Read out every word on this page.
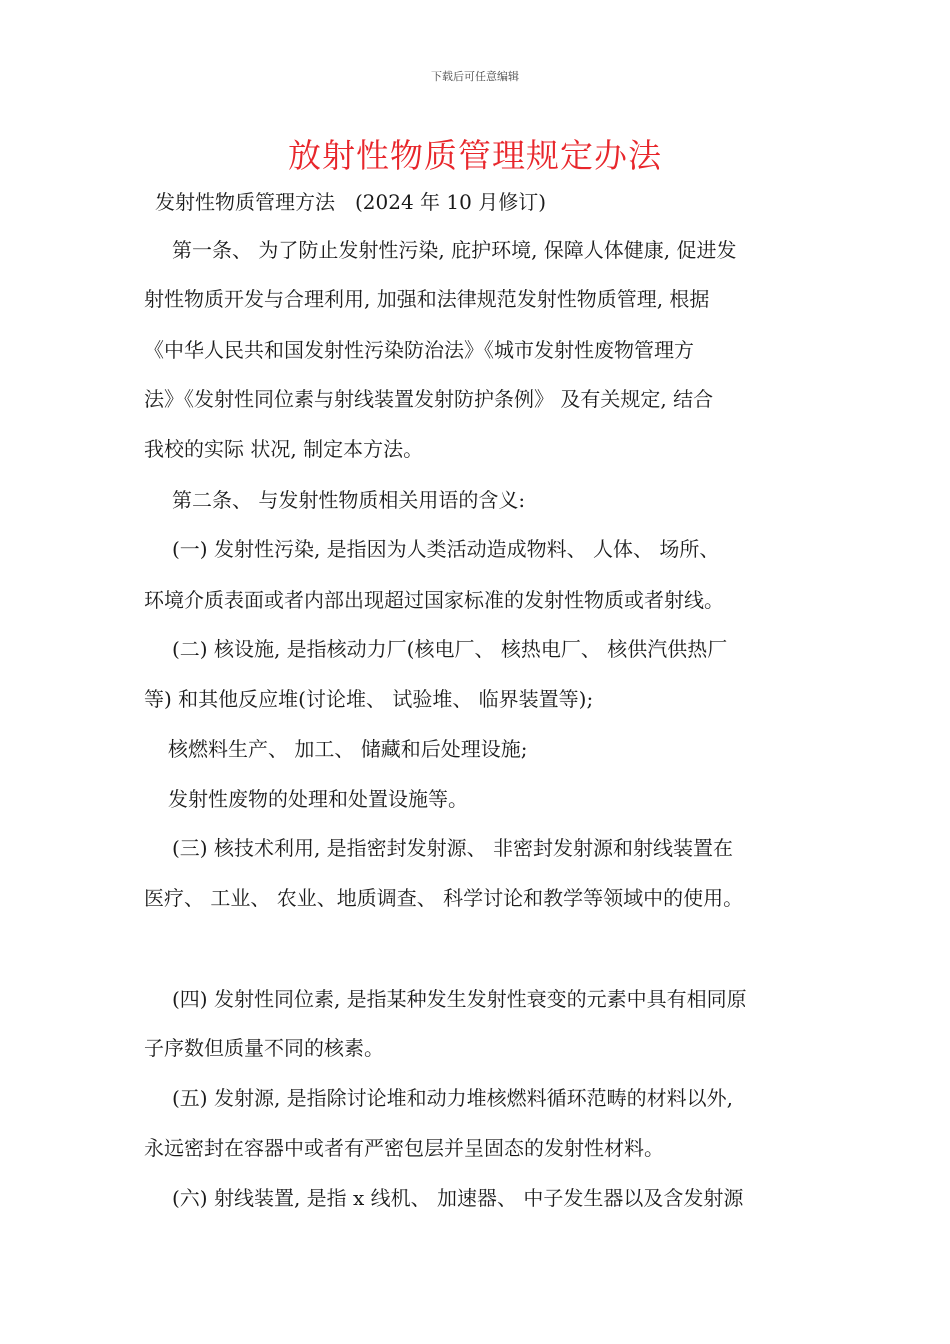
下载后可任意编辑
放射性物质管理规定办法
发射性物质管理方法　(2024 年 10 月修订)
第一条、 为了防止发射性污染, 庇护环境, 保障人体健康, 促进发
射性物质开发与合理利用, 加强和法律规范发射性物质管理, 根据
《中华人民共和国发射性污染防治法》《城市发射性废物管理方
法》《发射性同位素与射线装置发射防护条例》 及有关规定, 结合
我校的实际 状况, 制定本方法。
第二条、 与发射性物质相关用语的含义:
(一) 发射性污染, 是指因为人类活动造成物料、 人体、 场所、
环境介质表面或者内部出现超过国家标准的发射性物质或者射线。
(二) 核设施, 是指核动力厂(核电厂、 核热电厂、 核供汽供热厂
等) 和其他反应堆(讨论堆、 试验堆、 临界装置等);
核燃料生产、 加工、 储藏和后处理设施;
发射性废物的处理和处置设施等。
(三) 核技术利用, 是指密封发射源、 非密封发射源和射线装置在
医疗、 工业、 农业、地质调查、 科学讨论和教学等领域中的使用。
(四) 发射性同位素, 是指某种发生发射性衰变的元素中具有相同原
子序数但质量不同的核素。
(五) 发射源, 是指除讨论堆和动力堆核燃料循环范畴的材料以外,
永远密封在容器中或者有严密包层并呈固态的发射性材料。
(六) 射线装置, 是指 x 线机、 加速器、 中子发生器以及含发射源
